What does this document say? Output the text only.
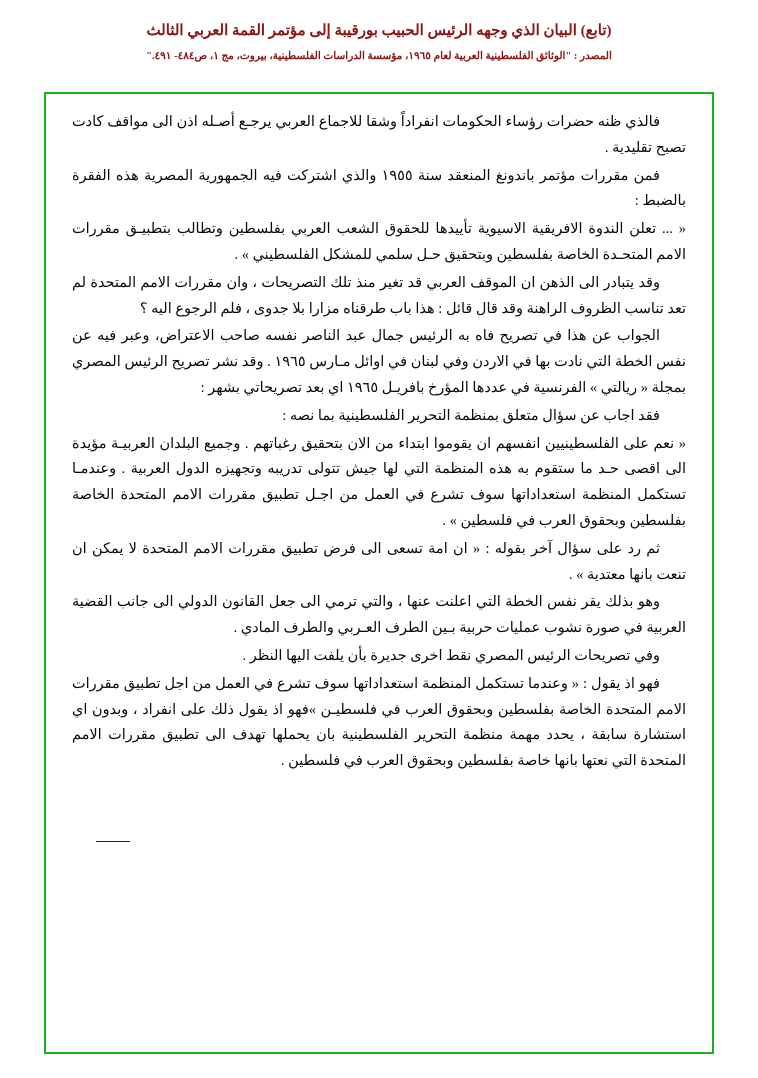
(تابع) البيان الذي وجهه الرئيس الحبيب بورقيبة إلى مؤتمر القمة العربي الثالث
المصدر : "الوثائق الفلسطينية العربية لعام ١٩٦٥، مؤسسة الدراسات الفلسطينية، بيروت، مج ١، ص٤٨٤- ٤٩١."

فالذي ظنه حضرات رؤساء الحكومات انفراداً وشقا للاجماع العربي يرجـع أصـله اذن الى مواقف كادت تصبح تقليدية .

فمن مقررات مؤتمر باندونغ المنعقد سنة ١٩٥٥ والذي اشتركت فيه الجمهورية المصرية هذه الفقرة بالضبط :

« ... تعلن الندوة الافريقية الاسيوية تأييدها للحقوق الشعب العربي بفلسطين وتطالب بتطبيـق مقررات الامم المتحـدة الخاصة بفلسطين وبتحقيق حـل سلمي للمشكل الفلسطيني » .

وقد يتبادر الى الذهن ان الموقف العربي قد تغير منذ تلك التصريحات ، وان مقررات الامم المتحدة لم تعد تناسب الظروف الراهنة وقد قال قائل : هذا باب طرقناه مزارا بلا جدوى ، فلم الرجوع اليه ؟

الجواب عن هذا في تصريح فاه به الرئيس جمال عبد الناصر نفسه صاحب الاعتراض، وعبر فيه عن نفس الخطة التي نادت بها في الاردن وفي لبنان في اوائل مـارس ١٩٦٥ . وقد نشر تصريح الرئيس المصري بمجلة « ريالتي » الفرنسية في عددها المؤرخ بافريـل ١٩٦٥ اي بعد تصريحاتي بشهر :

فقد اجاب عن سؤال متعلق بمنظمة التحرير الفلسطينية بما نصه :

« نعم على الفلسطينيين انفسهم ان يقوموا ابتداء من الان بتحقيق رغباتهم . وجميع البلدان العربيـة مؤيدة الى اقصى حـد ما ستقوم به هذه المنظمة التي لها جيش تتولى تدريبه وتجهيزه الدول العربية . وعندمـا تستكمل المنظمة استعداداتها سوف تشرع في العمل من اجـل تطبيق مقررات الامم المتحدة الخاصة بفلسطين وبحقوق العرب في فلسطين » .

ثم رد على سؤال آخر بقوله : « ان امة تسعى الى فرض تطبيق مقررات الامم المتحدة لا يمكن ان تنعت بانها معتدية » .

وهو بذلك يقر نفس الخطة التي اعلنت عنها ، والتي ترمي الى جعل القانون الدولي الى جانب القضية العربية في صورة نشوب عمليات حربية بـين الطرف العـربي والطرف المادي .

وفي تصريحات الرئيس المصري نقط اخرى جديرة بأن يلفت اليها النظر .

فهو اذ يقول : « وعندما تستكمل المنظمة استعداداتها سوف تشرع في العمل من اجل تطبيق مقررات الامم المتحدة الخاصة بفلسطين وبحقوق العرب في فلسطيـن »فهو اذ يقول ذلك على انفراد ، وبدون اي استشارة سابقة ، يحدد مهمة منظمة التحرير الفلسطينية بان يحملها تهدف الى تطبيق مقررات الامم المتحدة التي نعتها بانها خاصة بفلسطين وبحقوق العرب في فلسطين .
